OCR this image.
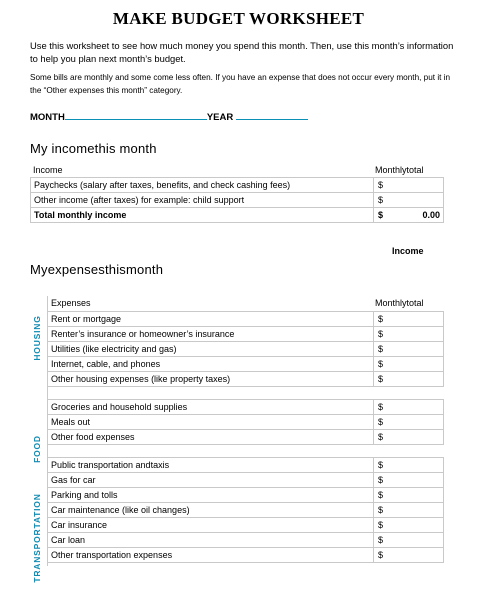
MAKE BUDGET WORKSHEET
Use this worksheet to see how much money you spend this month. Then, use this month’s information to help you plan next month’s budget.
Some bills are monthly and some come less often. If you have an expense that does not occur every month, put it in the “Other expenses this month” category.
MONTH	YEAR
My incomethis month
Income	Monthlytotal
Paychecks (salary after taxes, benefits, and check cashing fees)	$
Other income (after taxes) for example: child support	$
Total monthly income	$ 0.00
Income
Myexpensesthismonth
Expenses	Monthlytotal
Rent or mortgage	$
Renter’s insurance or homeowner’s insurance	$
Utilities (like electricity and gas)	$
Internet, cable, and phones	$
Other housing expenses (like property taxes)	$
HOUSING
Groceries and household supplies	$
Meals out	$
Other food expenses	$
FOOD
Public transportation andtaxis	$
Gas for car	$
Parking and tolls	$
Car maintenance (like oil changes)	$
Car insurance	$
Car loan	$
Other transportation expenses	$
TRANSPORTATION
